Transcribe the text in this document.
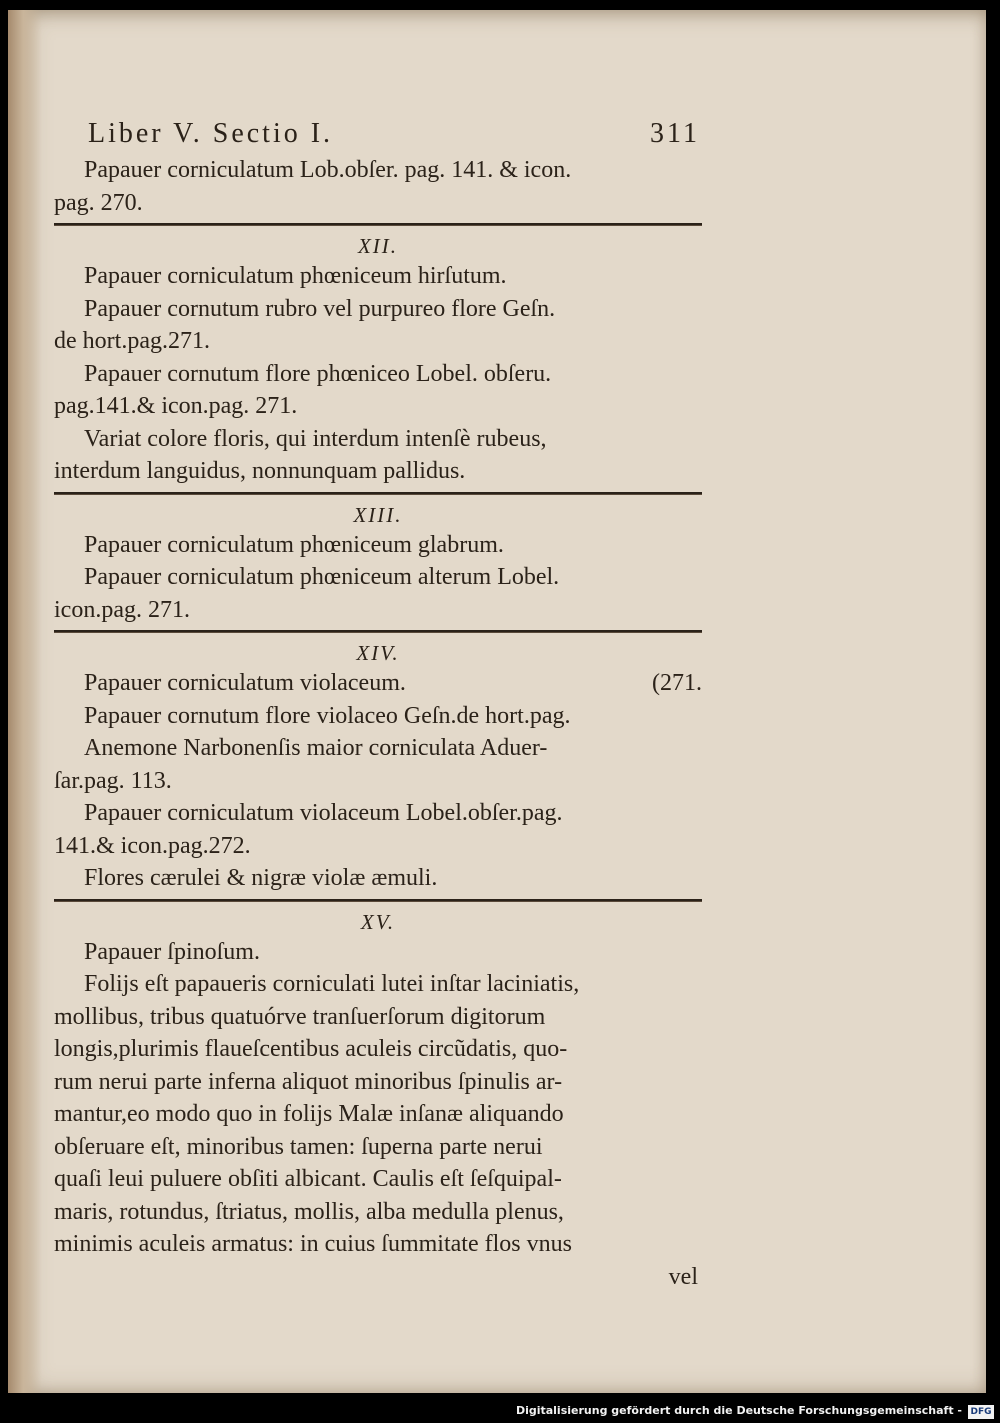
Liber V. Sectio I.	311
Papauer corniculatum Lob.obſer. pag. 141. & icon.
pag. 270.
XII.
Papauer corniculatum phœniceum hirſutum.
Papauer cornutum rubro vel purpureo flore Geſn.
de hort.pag.271.
Papauer cornutum flore phœniceo Lobel. obſeru.
pag.141.& icon.pag. 271.
Variat colore floris, qui interdum intenſè rubeus,
interdum languidus, nonnunquam pallidus.
XIII.
Papauer corniculatum phœniceum glabrum.
Papauer corniculatum phœniceum alterum Lobel.
icon.pag. 271.
XIV.
Papauer corniculatum violaceum.	(271.
Papauer cornutum flore violaceo Geſn.de hort.pag.
Anemone Narbonenſis maior corniculata Aduer-
ſar.pag. 113.
Papauer corniculatum violaceum Lobel.obſer.pag.
141.& icon.pag.272.
Flores cærulei & nigræ violæ æmuli.
XV.
Papauer ſpinoſum.
Folijs eſt papaueris corniculati lutei inſtar laciniatis,
mollibus, tribus quatuórve tranſuerſorum digitorum
longis,plurimis flaueſcentibus aculeis circũdatis, quo-
rum nerui parte inferna aliquot minoribus ſpinulis ar-
mantur,eo modo quo in folijs Malæ inſanæ aliquando
obſeruare eſt, minoribus tamen: ſuperna parte nerui
quaſi leui puluere obſiti albicant. Caulis eſt ſeſquipal-
maris, rotundus, ſtriatus, mollis, alba medulla plenus,
minimis aculeis armatus: in cuius ſummitate flos vnus
vel
Digitalisierung gefördert durch die Deutsche Forschungsgemeinschaft - DFG
